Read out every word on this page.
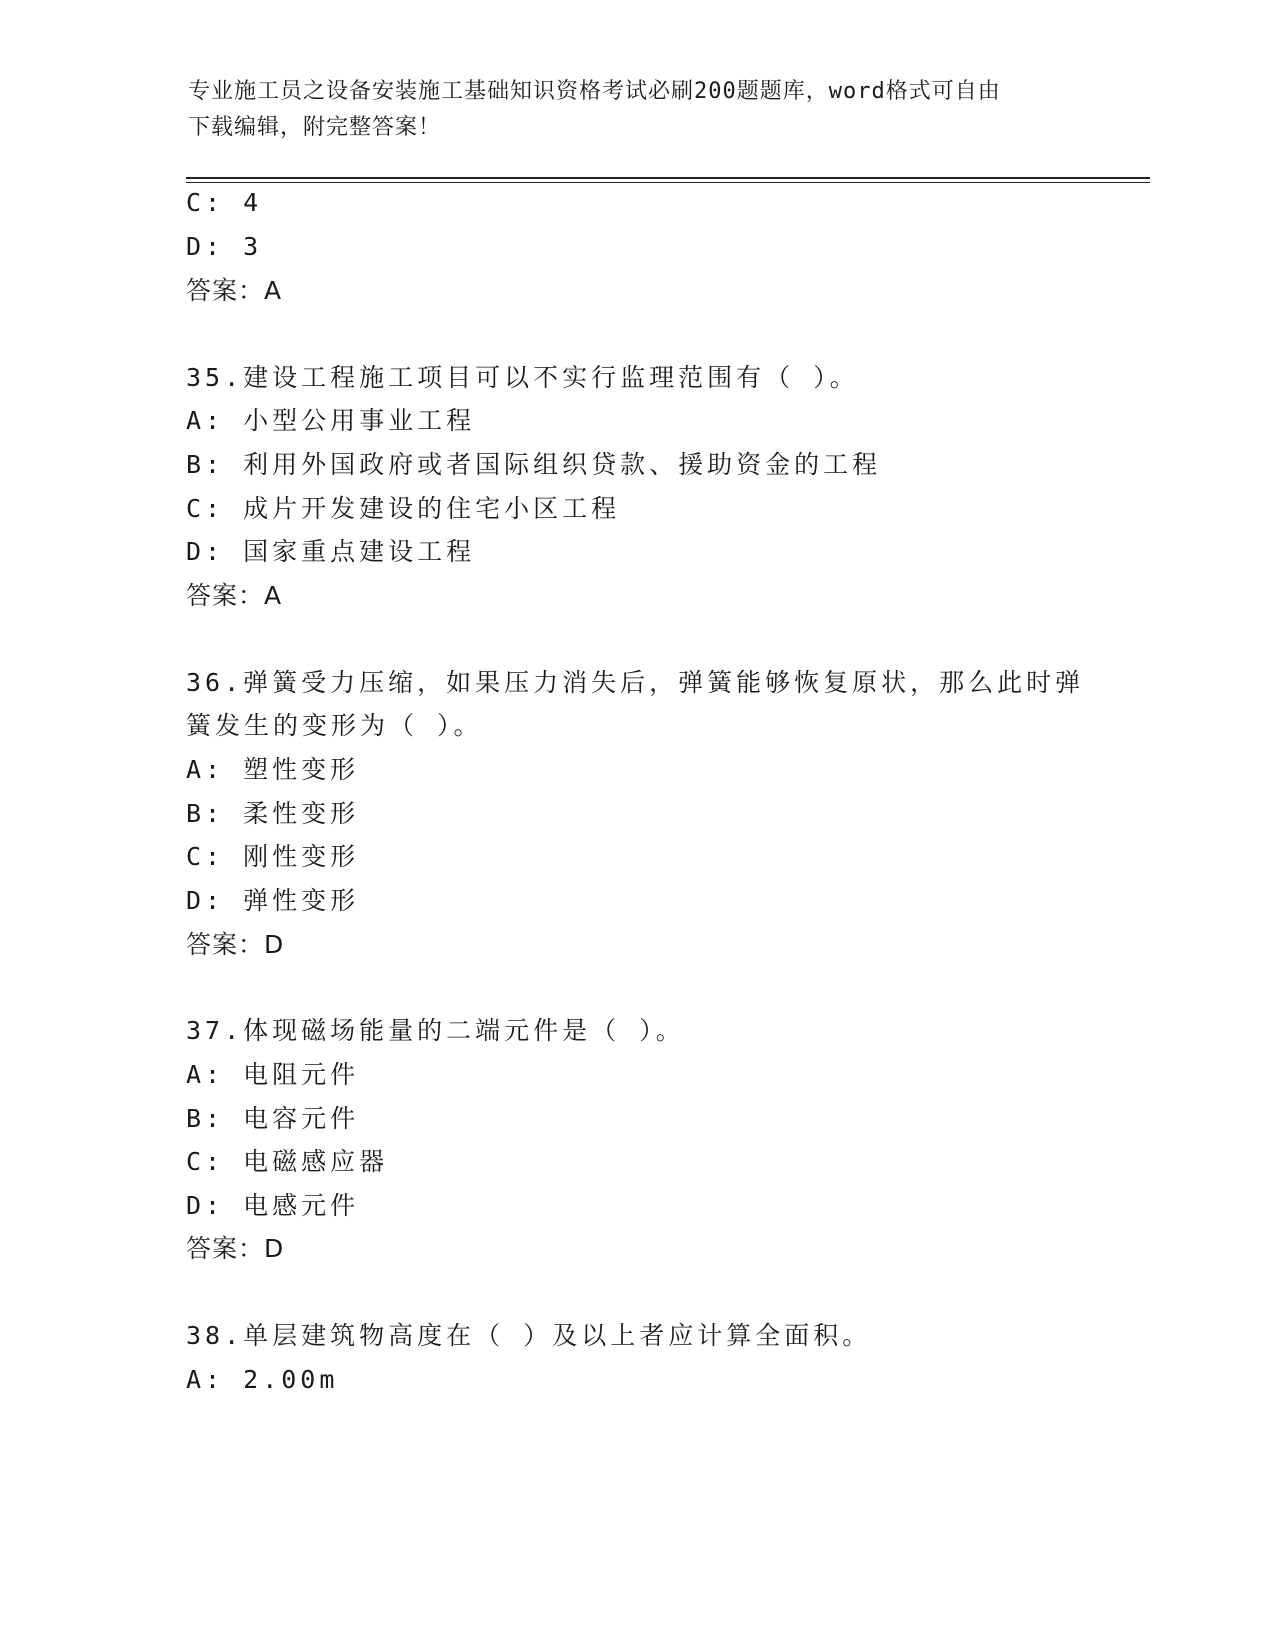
专业施工员之设备安装施工基础知识资格考试必刷200题题库，word格式可自由
下载编辑，附完整答案！
C: 4
D: 3
答案：A
35.建设工程施工项目可以不实行监理范围有（ ）。
A: 小型公用事业工程
B: 利用外国政府或者国际组织贷款、援助资金的工程
C: 成片开发建设的住宅小区工程
D: 国家重点建设工程
答案：A
36.弹簧受力压缩，如果压力消失后，弹簧能够恢复原状，那么此时弹
簧发生的变形为（ ）。
A: 塑性变形
B: 柔性变形
C: 刚性变形
D: 弹性变形
答案：D
37.体现磁场能量的二端元件是（ ）。
A: 电阻元件
B: 电容元件
C: 电磁感应器
D: 电感元件
答案：D
38.单层建筑物高度在（ ）及以上者应计算全面积。
A: 2.00m
